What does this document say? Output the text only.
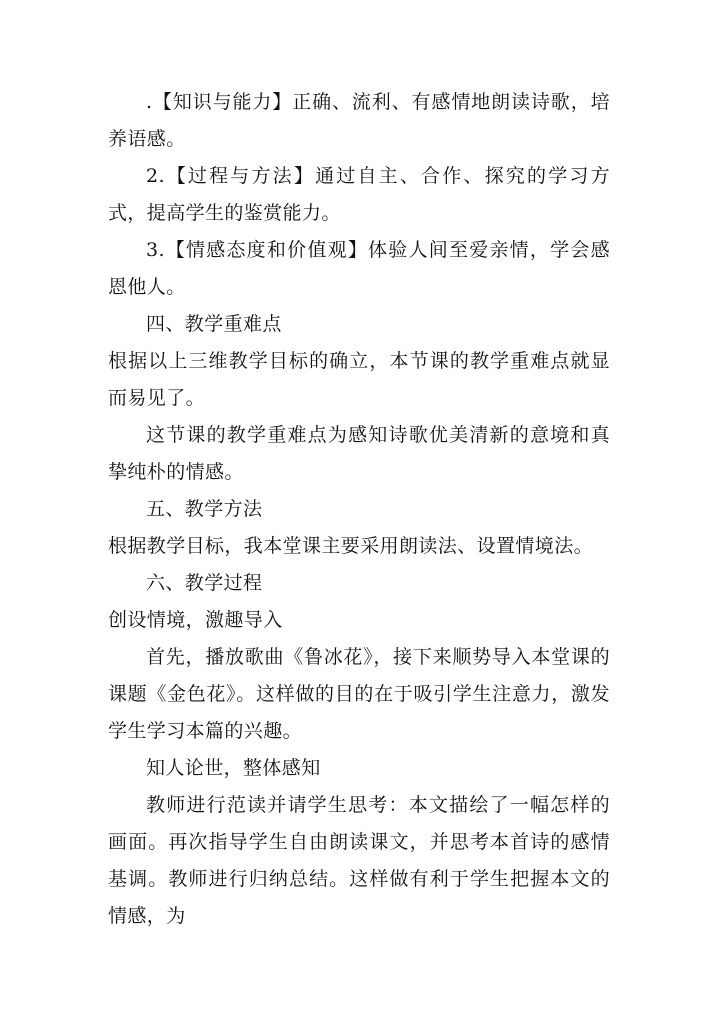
.【知识与能力】正确、流利、有感情地朗读诗歌，培养语感。

2.【过程与方法】通过自主、合作、探究的学习方式，提高学生的鉴赏能力。

3.【情感态度和价值观】体验人间至爱亲情，学会感恩他人。

四、教学重难点

根据以上三维教学目标的确立，本节课的教学重难点就显而易见了。

这节课的教学重难点为感知诗歌优美清新的意境和真挚纯朴的情感。

五、教学方法

根据教学目标，我本堂课主要采用朗读法、设置情境法。

六、教学过程

创设情境，激趣导入

首先，播放歌曲《鲁冰花》，接下来顺势导入本堂课的课题《金色花》。这样做的目的在于吸引学生注意力，激发学生学习本篇的兴趣。

知人论世，整体感知

教师进行范读并请学生思考：本文描绘了一幅怎样的画面。再次指导学生自由朗读课文，并思考本首诗的感情基调。教师进行归纳总结。这样做有利于学生把握本文的情感，为
